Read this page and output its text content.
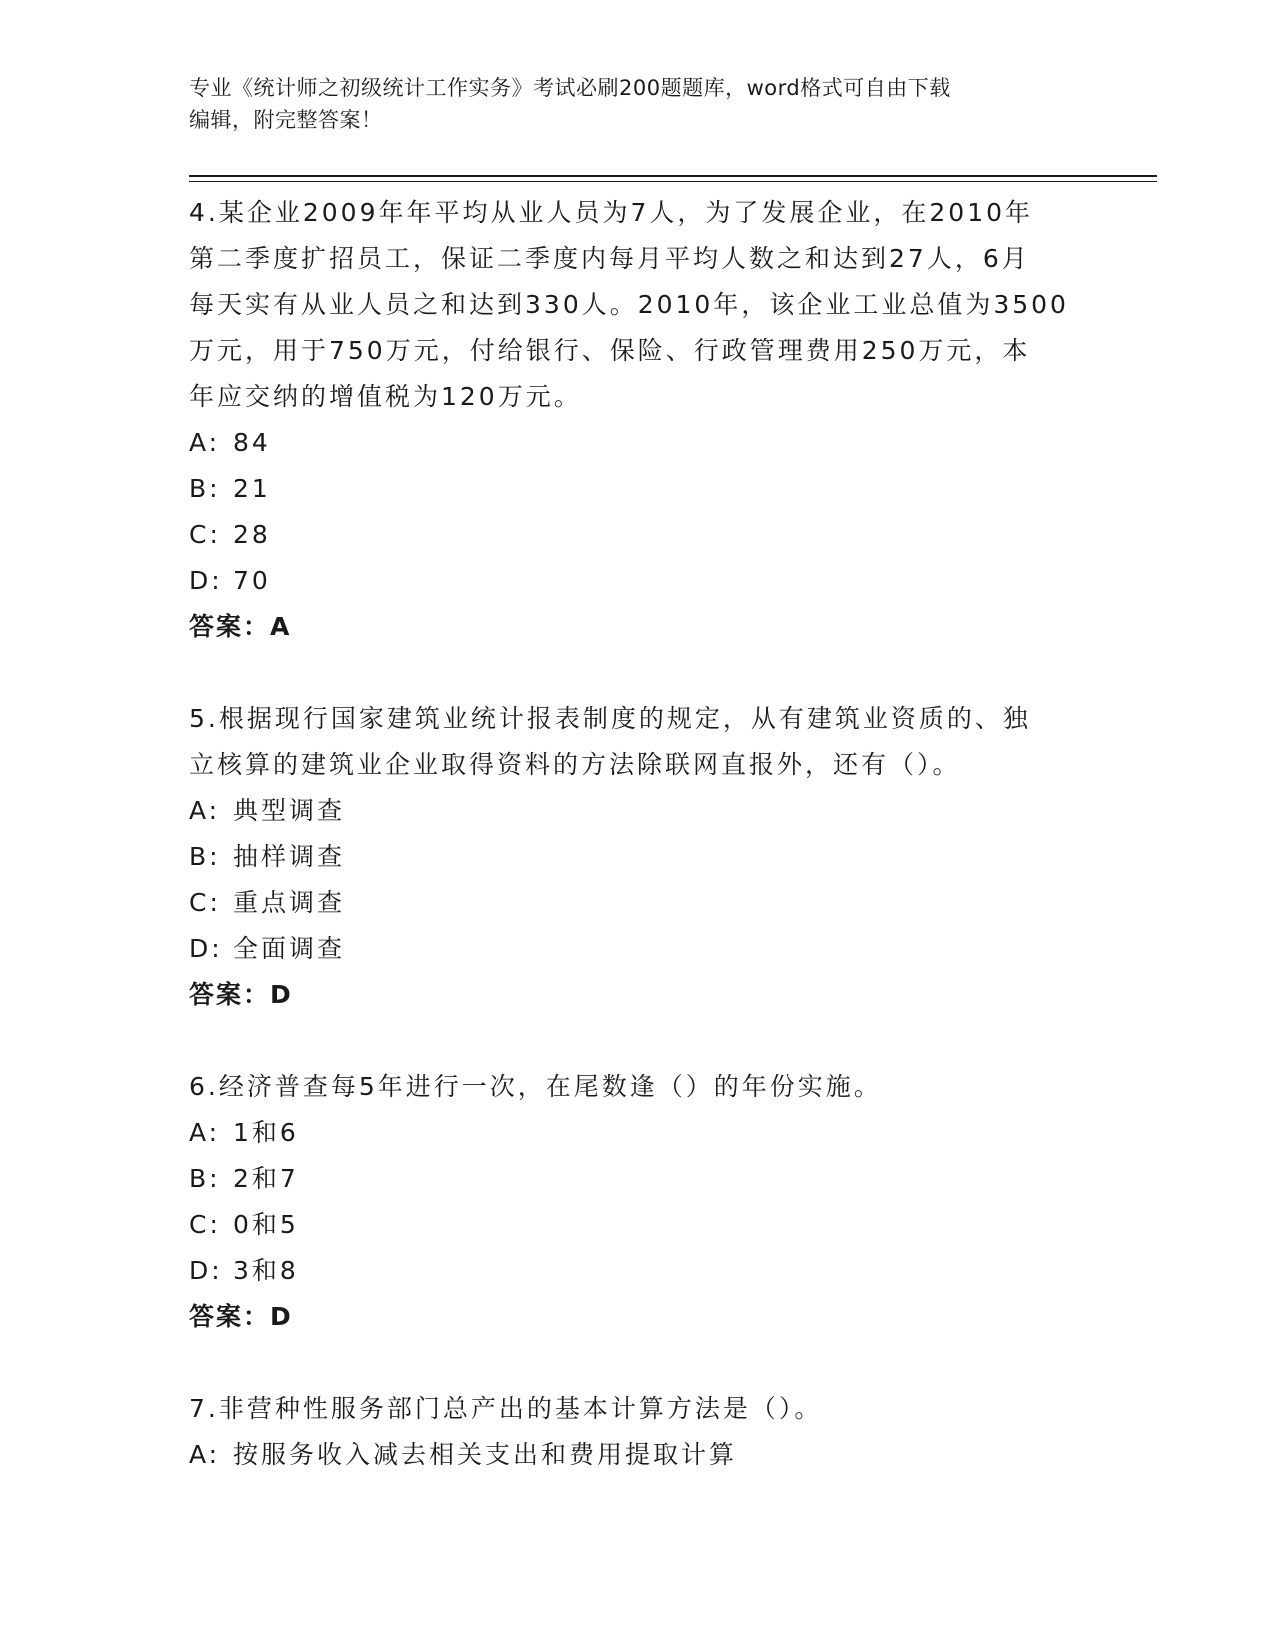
专业《统计师之初级统计工作实务》考试必刷200题题库，word格式可自由下载
编辑，附完整答案！

4.某企业2009年年平均从业人员为7人，为了发展企业，在2010年

第二季度扩招员工，保证二季度内每月平均人数之和达到27人，6月

每天实有从业人员之和达到330人。2010年，该企业工业总值为3500

万元，用于750万元，付给银行、保险、行政管理费用250万元，本

年应交纳的增值税为120万元。

A: 84
B: 21
C: 28
D: 70

答案：A

5.根据现行国家建筑业统计报表制度的规定，从有建筑业资质的、独

立核算的建筑业企业取得资料的方法除联网直报外，还有（）。

A: 典型调查
B: 抽样调查
C: 重点调查
D: 全面调查

答案：D

6.经济普查每5年进行一次，在尾数逢（）的年份实施。

A: 1和6
B: 2和7
C: 0和5
D: 3和8

答案：D

7.非营种性服务部门总产出的基本计算方法是（）。

A: 按服务收入减去相关支出和费用提取计算
